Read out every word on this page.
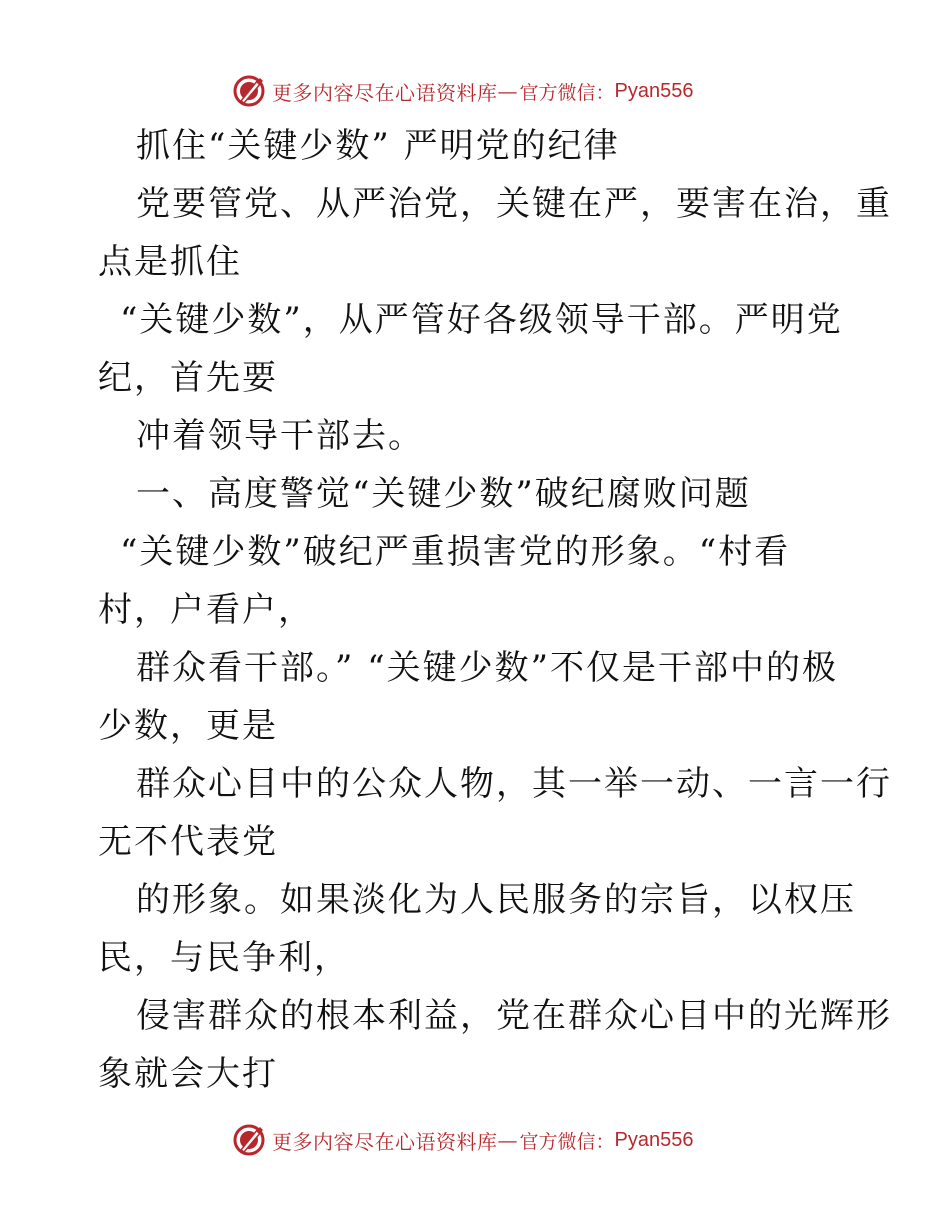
更多内容尽在心语资料库 — 官方微信： Pyan556
抓住“关键少数” 严明党的纪律
党要管党、从严治党，关键在严，要害在治，重
点是抓住
“关键少数”，从严管好各级领导干部。严明党
纪，首先要
冲着领导干部去。
一、高度警觉“关键少数”破纪腐败问题
“关键少数”破纪严重损害党的形象。“村看
村，户看户，
群众看干部。” “关键少数”不仅是干部中的极
少数，更是
群众心目中的公众人物，其一举一动、一言一行
无不代表党
的形象。如果淡化为人民服务的宗旨，以权压
民，与民争利，
侵害群众的根本利益，党在群众心目中的光辉形
象就会大打
更多内容尽在心语资料库 — 官方微信： Pyan556
